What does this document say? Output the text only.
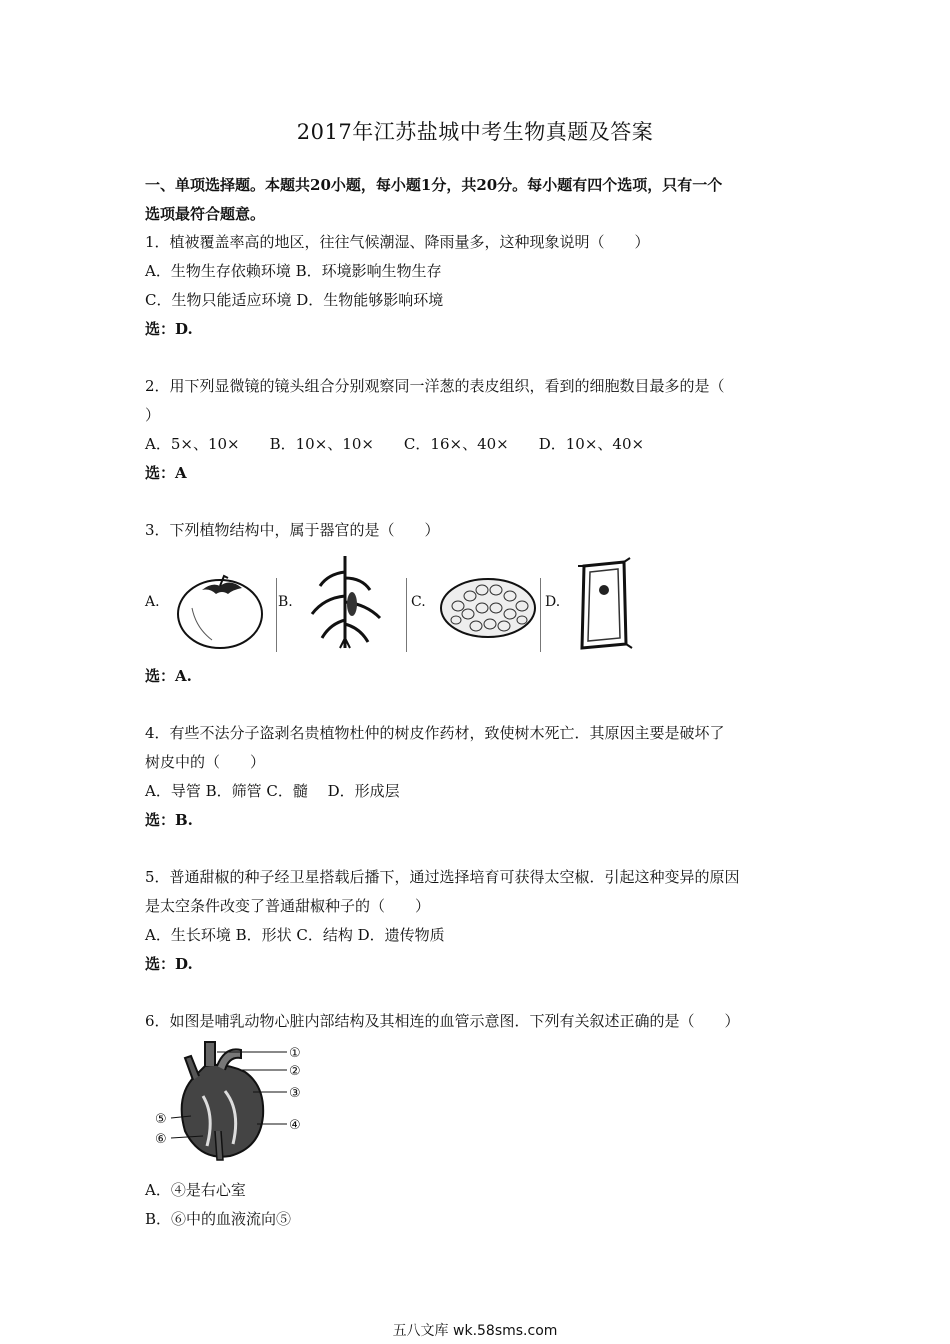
2017年江苏盐城中考生物真题及答案
一、单项选择题。本题共20小题，每小题1分，共20分。每小题有四个选项，只有一个
选项最符合题意。
1．植被覆盖率高的地区，往往气候潮湿、降雨量多，这种现象说明（　　）
A．生物生存依赖环境 B．环境影响生物生存
C．生物只能适应环境 D．生物能够影响环境
选：D.
2．用下列显微镜的镜头组合分别观察同一洋葱的表皮组织，看到的细胞数目最多的是（
）
A．5×、10×　　B．10×、10×　　C．16×、40×　　D．10×、40×
选：A
3．下列植物结构中，属于器官的是（　　）
A.	B.	C.	D.
选：A.
4．有些不法分子盗剥名贵植物杜仲的树皮作药材，致使树木死亡．其原因主要是破坏了
树皮中的（　　）
A．导管 B．筛管 C．髓　 D．形成层
选：B.
5．普通甜椒的种子经卫星搭载后播下，通过选择培育可获得太空椒．引起这种变异的原因
是太空条件改变了普通甜椒种子的（　　）
A．生长环境 B．形状 C．结构 D．遗传物质
选：D.
6．如图是哺乳动物心脏内部结构及其相连的血管示意图．下列有关叙述正确的是（　　）
①
②
③
④
⑤
⑥
A．④是右心室
B．⑥中的血液流向⑤
五八文库 wk.58sms.com
